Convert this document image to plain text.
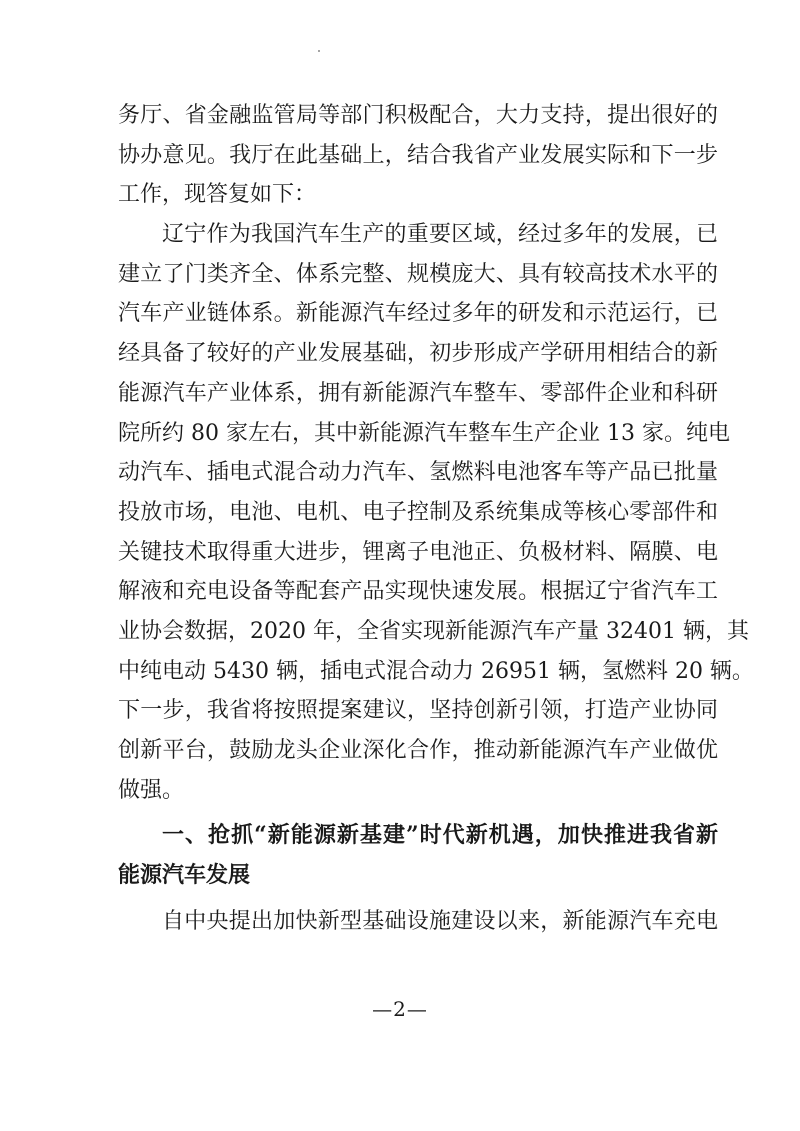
务厅、省金融监管局等部门积极配合，大力支持，提出很好的
协办意见。我厅在此基础上，结合我省产业发展实际和下一步
工作，现答复如下：
辽宁作为我国汽车生产的重要区域，经过多年的发展，已
建立了门类齐全、体系完整、规模庞大、具有较高技术水平的
汽车产业链体系。新能源汽车经过多年的研发和示范运行，已
经具备了较好的产业发展基础，初步形成产学研用相结合的新
能源汽车产业体系，拥有新能源汽车整车、零部件企业和科研
院所约 80 家左右，其中新能源汽车整车生产企业 13 家。纯电
动汽车、插电式混合动力汽车、氢燃料电池客车等产品已批量
投放市场，电池、电机、电子控制及系统集成等核心零部件和
关键技术取得重大进步，锂离子电池正、负极材料、隔膜、电
解液和充电设备等配套产品实现快速发展。根据辽宁省汽车工
业协会数据，2020 年，全省实现新能源汽车产量 32401 辆，其
中纯电动 5430 辆，插电式混合动力 26951 辆，氢燃料 20 辆。
下一步，我省将按照提案建议，坚持创新引领，打造产业协同
创新平台，鼓励龙头企业深化合作，推动新能源汽车产业做优
做强。
一、抢抓“新能源新基建”时代新机遇，加快推进我省新
能源汽车发展
自中央提出加快新型基础设施建设以来，新能源汽车充电
—2—
